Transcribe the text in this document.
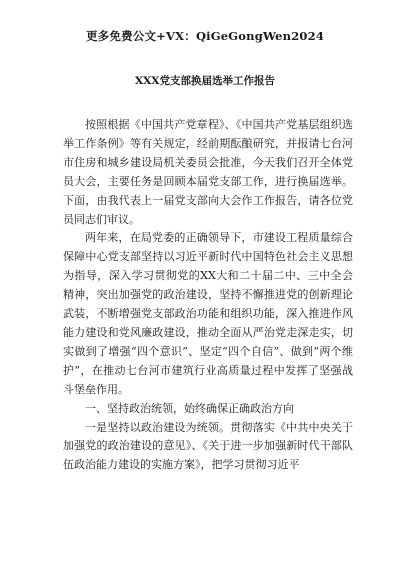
更多免费公文+VX：QiGeGongWen2024
XXX党支部换届选举工作报告

按照根据《中国共产党章程》、《中国共产党基层组织选举工作条例》等有关规定，经前期酝酿研究，并报请七台河市住房和城乡建设局机关委员会批准，今天我们召开全体党员大会，主要任务是回顾本届党支部工作，进行换届选举。下面，由我代表上一届党支部向大会作工作报告，请各位党员同志们审议。

两年来，在局党委的正确领导下，市建设工程质量综合保障中心党支部坚持以习近平新时代中国特色社会主义思想为指导，深入学习贯彻党的XX大和二十届二中、三中全会精神，突出加强党的政治建设，坚持不懈推进党的创新理论武装，不断增强党支部政治功能和组织功能，深入推进作风能力建设和党风廉政建设，推动全面从严治党走深走实，切实做到了增强“四个意识”、坚定“四个自信”、做到“两个维护”，在推动七台河市建筑行业高质量过程中发挥了坚强战斗堡垒作用。

一、坚持政治统领，始终确保正确政治方向

一是坚持以政治建设为统领。贯彻落实《中共中央关于加强党的政治建设的意见》、《关于进一步加强新时代干部队伍政治能力建设的实施方案》，把学习贯彻习近平
